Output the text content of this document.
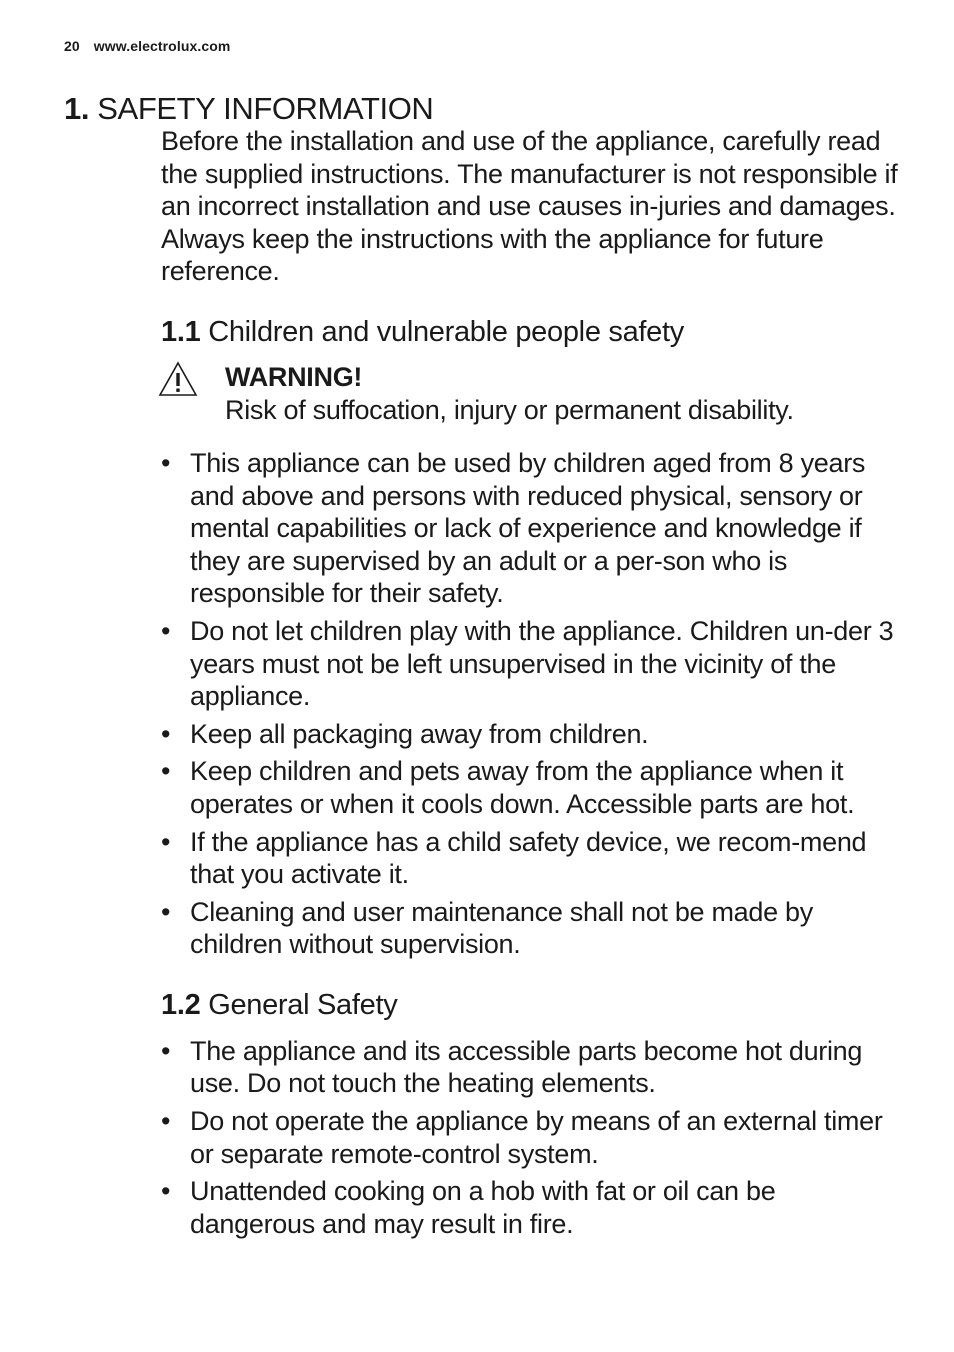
20 www.electrolux.com
1. SAFETY INFORMATION

Before the installation and use of the appliance, carefully read the supplied instructions. The manufacturer is not responsible if an incorrect installation and use causes in-juries and damages. Always keep the instructions with the appliance for future reference.

1.1 Children and vulnerable people safety
WARNING!
Risk of suffocation, injury or permanent disability.
• This appliance can be used by children aged from 8 years and above and persons with reduced physical, sensory or mental capabilities or lack of experience and knowledge if they are supervised by an adult or a per-son who is responsible for their safety.
• Do not let children play with the appliance. Children un-der 3 years must not be left unsupervised in the vicinity of the appliance.
• Keep all packaging away from children.
• Keep children and pets away from the appliance when it operates or when it cools down. Accessible parts are hot.
• If the appliance has a child safety device, we recom-mend that you activate it.
• Cleaning and user maintenance shall not be made by children without supervision.
1.2 General Safety
• The appliance and its accessible parts become hot during use. Do not touch the heating elements.
• Do not operate the appliance by means of an external timer or separate remote-control system.
• Unattended cooking on a hob with fat or oil can be dangerous and may result in fire.
